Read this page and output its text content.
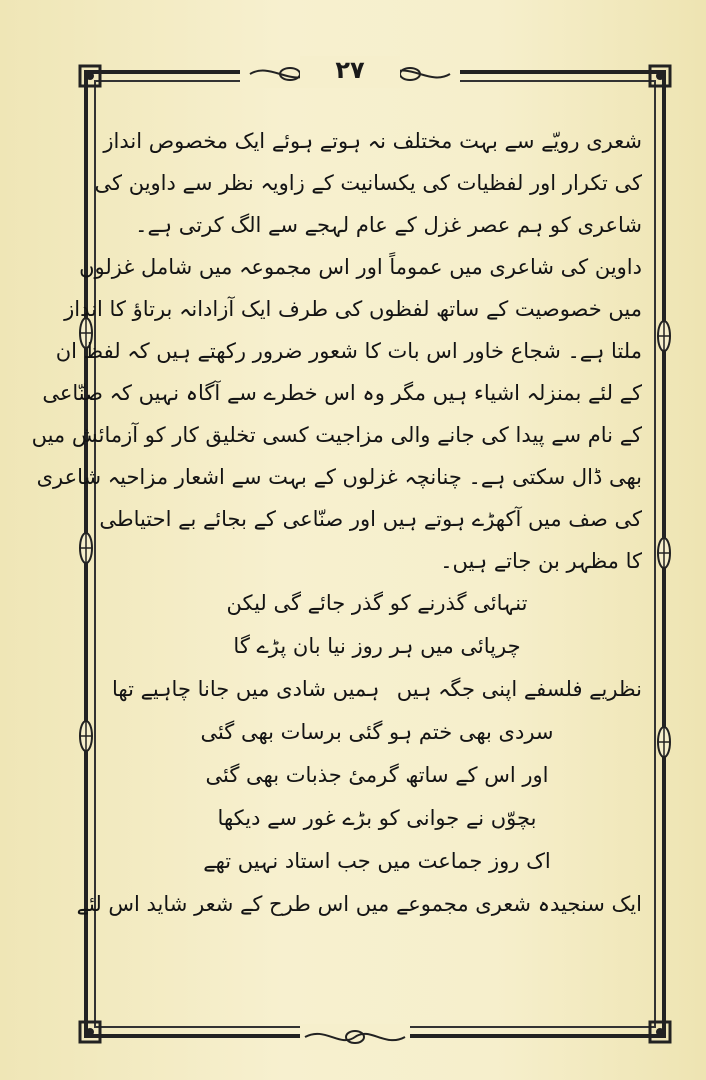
۲۷
شعری رویّے سے بہت مختلف نہ ہوتے ہوئے ایک مخصوص انداز
کی تکرار اور لفظیات کی یکسانیت کے زاویہ نظر سے داوین کی
شاعری کو ہم عصر غزل کے عام لہجے سے الگ کرتی ہے۔
داوین کی شاعری میں عموماً اور اس مجموعہ میں شامل غزلوں
میں خصوصیت کے ساتھ لفظوں کی طرف ایک آزادانہ برتاؤ کا انداز
ملتا ہے۔ شجاع خاور اس بات کا شعور ضرور رکھتے ہیں کہ لفظ ان
کے لئے بمنزلہ اشیاء ہیں مگر وہ اس خطرے سے آگاہ نہیں کہ صنّاعی
کے نام سے پیدا کی جانے والی مزاجیت کسی تخلیق کار کو آزمائش میں
بھی ڈال سکتی ہے۔ چنانچہ غزلوں کے بہت سے اشعار مزاحیہ شاعری
کی صف میں آکھڑے ہوتے ہیں اور صنّاعی کے بجائے بے احتیاطی
کا مظہر بن جاتے ہیں۔
تنہائی گذرنے کو گذر جائے گی لیکن
چرپائی میں ہر روز نیا بان پڑے گا
نظریے فلسفے اپنی جگہ ہیں
ہمیں شادی میں جانا چاہیے تھا
سردی بھی ختم ہو گئی برسات بھی گئی
اور اس کے ساتھ گرمیٔ جذبات بھی گئی
بچوّں نے جوانی کو بڑے غور سے دیکھا
اک روز جماعت میں جب استاد نہیں تھے
ایک سنجیدہ شعری مجموعے میں اس طرح کے شعر شاید اس لئے
